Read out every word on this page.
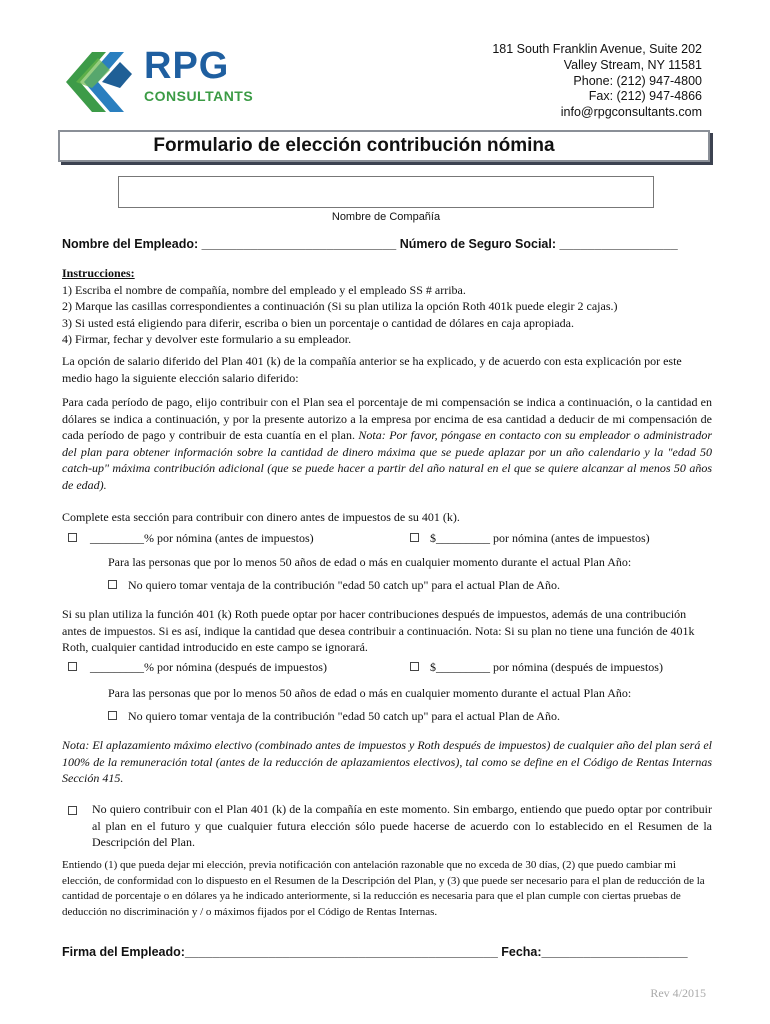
RPG
CONSULTANTS
181 South Franklin Avenue, Suite 202
Valley Stream, NY 11581
Phone: (212) 947-4800
Fax: (212) 947-4866
info@rpgconsultants.com
Formulario de elección contribución nómina
Nombre de Compañía
Nombre del Empleado: ____________________________ Número de Seguro Social: _________________
Instrucciones:
1) Escriba el nombre de compañía, nombre del empleado y el empleado SS # arriba.
2) Marque las casillas correspondientes a continuación (Si su plan utiliza la opción Roth 401k puede elegir 2 cajas.)
3) Si usted está eligiendo para diferir, escriba o bien un porcentaje o cantidad de dólares en caja apropiada.
4) Firmar, fechar y devolver este formulario a su empleador.
La opción de salario diferido del Plan 401 (k) de la compañía anterior se ha explicado, y de acuerdo con esta explicación por este medio hago la siguiente elección salario diferido:
Para cada período de pago, elijo contribuir con el Plan sea el porcentaje de mi compensación se indica a continuación, o la cantidad en dólares se indica a continuación, y por la presente autorizo a la empresa por encima de esa cantidad a deducir de mi compensación de cada período de pago y contribuir de esta cuantía en el plan. Nota: Por favor, póngase en contacto con su empleador o administrador del plan para obtener información sobre la cantidad de dinero máxima que se puede aplazar por un año calendario y la "edad 50 catch-up" máxima contribución adicional (que se puede hacer a partir del año natural en el que se quiere alcanzar al menos 50 años de edad).
Complete esta sección para contribuir con dinero antes de impuestos de su 401 (k).
_________% por nómina (antes de impuestos)	$_________ por nómina (antes de impuestos)
Para las personas que por lo menos 50 años de edad o más en cualquier momento durante el actual Plan Año:
No quiero tomar ventaja de la contribución "edad 50 catch up" para el actual Plan de Año.
Si su plan utiliza la función 401 (k) Roth puede optar por hacer contribuciones después de impuestos, además de una contribución antes de impuestos. Si es así, indique la cantidad que desea contribuir a continuación. Nota: Si su plan no tiene una función de 401k Roth, cualquier cantidad introducido en este campo se ignorará.
_________% por nómina (después de impuestos)	$_________ por nómina (después de impuestos)
Para las personas que por lo menos 50 años de edad o más en cualquier momento durante el actual Plan Año:
No quiero tomar ventaja de la contribución "edad 50 catch up" para el actual Plan de Año.
Nota: El aplazamiento máximo electivo (combinado antes de impuestos y Roth después de impuestos) de cualquier año del plan será el 100% de la remuneración total (antes de la reducción de aplazamientos electivos), tal como se define en el Código de Rentas Internas Sección 415.
No quiero contribuir con el Plan 401 (k) de la compañía en este momento. Sin embargo, entiendo que puedo optar por contribuir al plan en el futuro y que cualquier futura elección sólo puede hacerse de acuerdo con lo establecido en el Resumen de la Descripción del Plan.
Entiendo (1) que pueda dejar mi elección, previa notificación con antelación razonable que no exceda de 30 días, (2) que puedo cambiar mi elección, de conformidad con lo dispuesto en el Resumen de la Descripción del Plan, y (3) que puede ser necesario para el plan de reducción de la cantidad de porcentaje o en dólares ya he indicado anteriormente, si la reducción es necesaria para que el plan cumple con ciertas pruebas de deducción no discriminación y / o máximos fijados por el Código de Rentas Internas.
Firma del Empleado:_____________________________________________ Fecha:_____________________
Rev 4/2015
